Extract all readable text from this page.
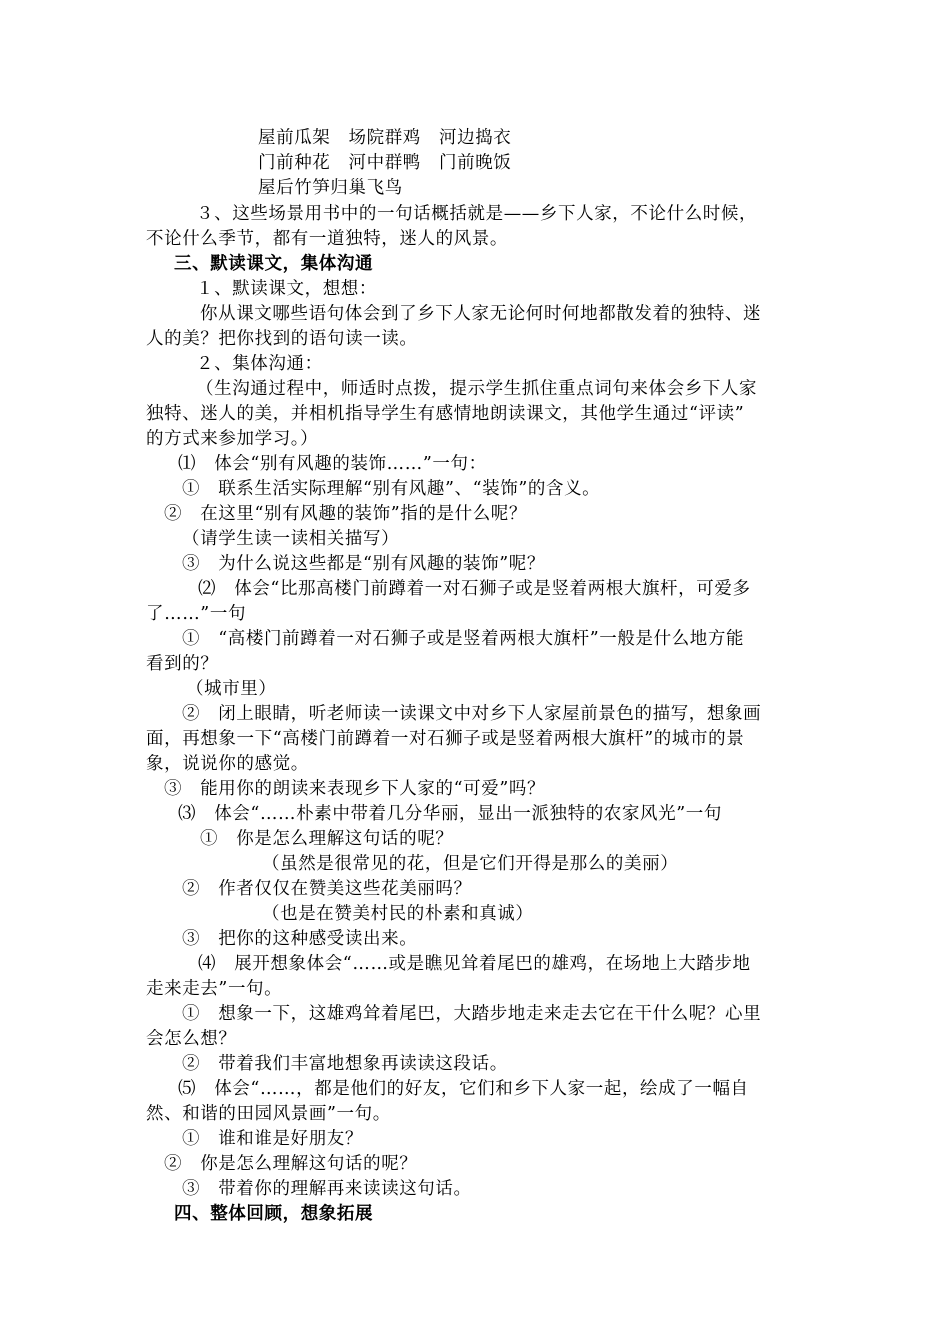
屋前瓜架　场院群鸡　河边捣衣
门前种花　河中群鸭　门前晚饭
屋后竹笋归巢飞鸟
３、这些场景用书中的一句话概括就是——乡下人家，不论什么时候，
不论什么季节，都有一道独特，迷人的风景。
三、默读课文，集体沟通
１、默读课文，想想：
你从课文哪些语句体会到了乡下人家无论何时何地都散发着的独特、迷
人的美？把你找到的语句读一读。
２、集体沟通：
（生沟通过程中，师适时点拨，提示学生抓住重点词句来体会乡下人家
独特、迷人的美，并相机指导学生有感情地朗读课文，其他学生通过“评读”
的方式来参加学习。）
⑴　体会“别有风趣的装饰……”一句：
①　联系生活实际理解“别有风趣”、“装饰”的含义。
②　在这里“别有风趣的装饰”指的是什么呢？
（请学生读一读相关描写）
③　为什么说这些都是“别有风趣的装饰”呢？
⑵　体会“比那高楼门前蹲着一对石狮子或是竖着两根大旗杆，可爱多
了……”一句
①　“高楼门前蹲着一对石狮子或是竖着两根大旗杆”一般是什么地方能
看到的？
（城市里）
②　闭上眼睛，听老师读一读课文中对乡下人家屋前景色的描写，想象画
面，再想象一下“高楼门前蹲着一对石狮子或是竖着两根大旗杆”的城市的景
象，说说你的感觉。
③　能用你的朗读来表现乡下人家的“可爱”吗？
⑶　体会“……朴素中带着几分华丽，显出一派独特的农家风光”一句
①　你是怎么理解这句话的呢？
（虽然是很常见的花，但是它们开得是那么的美丽）
②　作者仅仅在赞美这些花美丽吗？
（也是在赞美村民的朴素和真诚）
③　把你的这种感受读出来。
⑷　展开想象体会“……或是瞧见耸着尾巴的雄鸡，在场地上大踏步地
走来走去”一句。
①　想象一下，这雄鸡耸着尾巴，大踏步地走来走去它在干什么呢？心里
会怎么想？
②　带着我们丰富地想象再读读这段话。
⑸　体会“……，都是他们的好友，它们和乡下人家一起，绘成了一幅自
然、和谐的田园风景画”一句。
①　谁和谁是好朋友？
②　你是怎么理解这句话的呢？
③　带着你的理解再来读读这句话。
四、整体回顾，想象拓展
